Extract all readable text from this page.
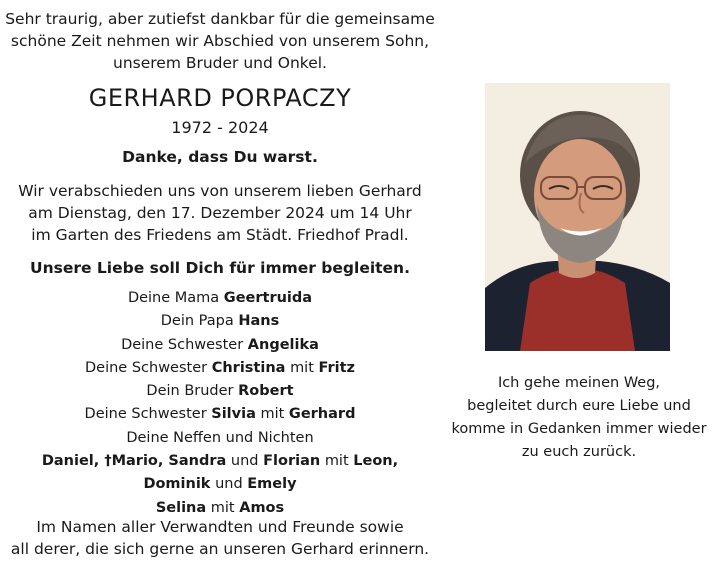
Sehr traurig, aber zutiefst dankbar für die gemeinsame
schöne Zeit nehmen wir Abschied von unserem Sohn,
unserem Bruder und Onkel.
GERHARD PORPACZY
1972 - 2024
Danke, dass Du warst.
Wir verabschieden uns von unserem lieben Gerhard
am Dienstag, den 17. Dezember 2024 um 14 Uhr
im Garten des Friedens am Städt. Friedhof Pradl.
Unsere Liebe soll Dich für immer begleiten.
Deine Mama Geertruida
Dein Papa Hans
Deine Schwester Angelika
Deine Schwester Christina mit Fritz
Dein Bruder Robert
Deine Schwester Silvia mit Gerhard
Deine Neffen und Nichten
Daniel, †Mario, Sandra und Florian mit Leon,
Dominik und Emely
Selina mit Amos
Im Namen aller Verwandten und Freunde sowie
all derer, die sich gerne an unseren Gerhard erinnern.
Ich gehe meinen Weg,
begleitet durch eure Liebe und
komme in Gedanken immer wieder
zu euch zurück.
